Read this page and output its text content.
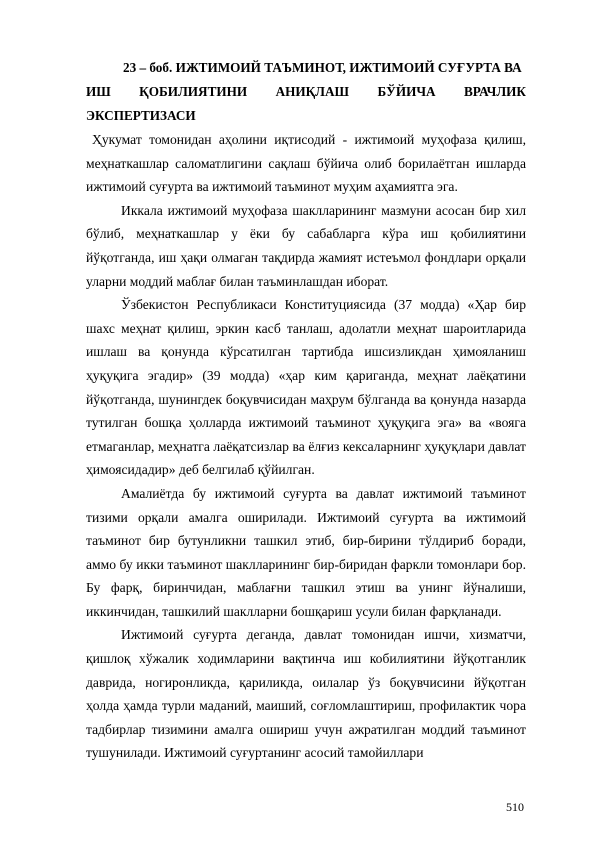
23 – боб. ИЖТИМОИЙ ТАЪМИНОТ, ИЖТИМОИЙ СУҒУРТА ВА
ИШ ҚОБИЛИЯТИНИ АНИҚЛАШ БЎЙИЧА ВРАЧЛИК
ЭКСПЕРТИЗАСИ

Ҳукумат томонидан аҳолини иқтисодий - ижтимоий муҳофаза қилиш, меҳнаткашлар саломатлигини сақлаш бўйича олиб борилаётган ишларда ижтимоий суғурта ва ижтимоий таъминот муҳим аҳамиятга эга.

Иккала ижтимоий муҳофаза шаклларининг мазмуни асосан бир хил бўлиб, меҳнаткашлар у ёки бу сабабларга кўра иш қобилиятини йўқотганда, иш ҳақи олмаган тақдирда жамият истеъмол фондлари орқали уларни моддий маблағ билан таъминлашдан иборат.

Ўзбекистон Республикаси Конституциясида (37 модда) «Ҳар бир шахс меҳнат қилиш, эркин касб танлаш, адолатли меҳнат шароитларида ишлаш ва қонунда кўрсатилган тартибда ишсизликдан ҳимояланиш ҳуқуқига эгадир» (39 модда) «ҳар ким қариганда, меҳнат лаёқатини йўқотганда, шунингдек боқувчисидан маҳрум бўлганда ва қонунда назарда тутилган бошқа ҳолларда ижтимоий таъминот ҳуқуқига эга» ва «вояга етмаганлар, меҳнатга лаёқатсизлар ва ёлғиз кексаларнинг ҳуқуқлари давлат ҳимоясидадир» деб белгилаб қўйилган.

Амалиётда бу ижтимоий суғурта ва давлат ижтимоий таъминот тизими орқали амалга оширилади. Ижтимоий суғурта ва ижтимоий таъминот бир бутунликни ташкил этиб, бир-бирини тўлдириб боради, аммо бу икки таъминот шаклларининг бир-биридан фаркли томонлари бор. Бу фарқ, биринчидан, маблағни ташкил этиш ва унинг йўналиши, иккинчидан, ташкилий шаклларни бошқариш усули билан фарқланади.

Ижтимоий суғурта деганда, давлат томонидан ишчи, хизматчи, қишлоқ хўжалик ходимларини вақтинча иш кобилиятини йўқотганлик даврида, ногиронликда, қариликда, оилалар ўз боқувчисини йўқотган ҳолда ҳамда турли маданий, маиший, соғломлаштириш, профилактик чора тадбирлар тизимини амалга ошириш учун ажратилган моддий таъминот тушунилади. Ижтимоий суғуртанинг асосий тамойиллари

510
